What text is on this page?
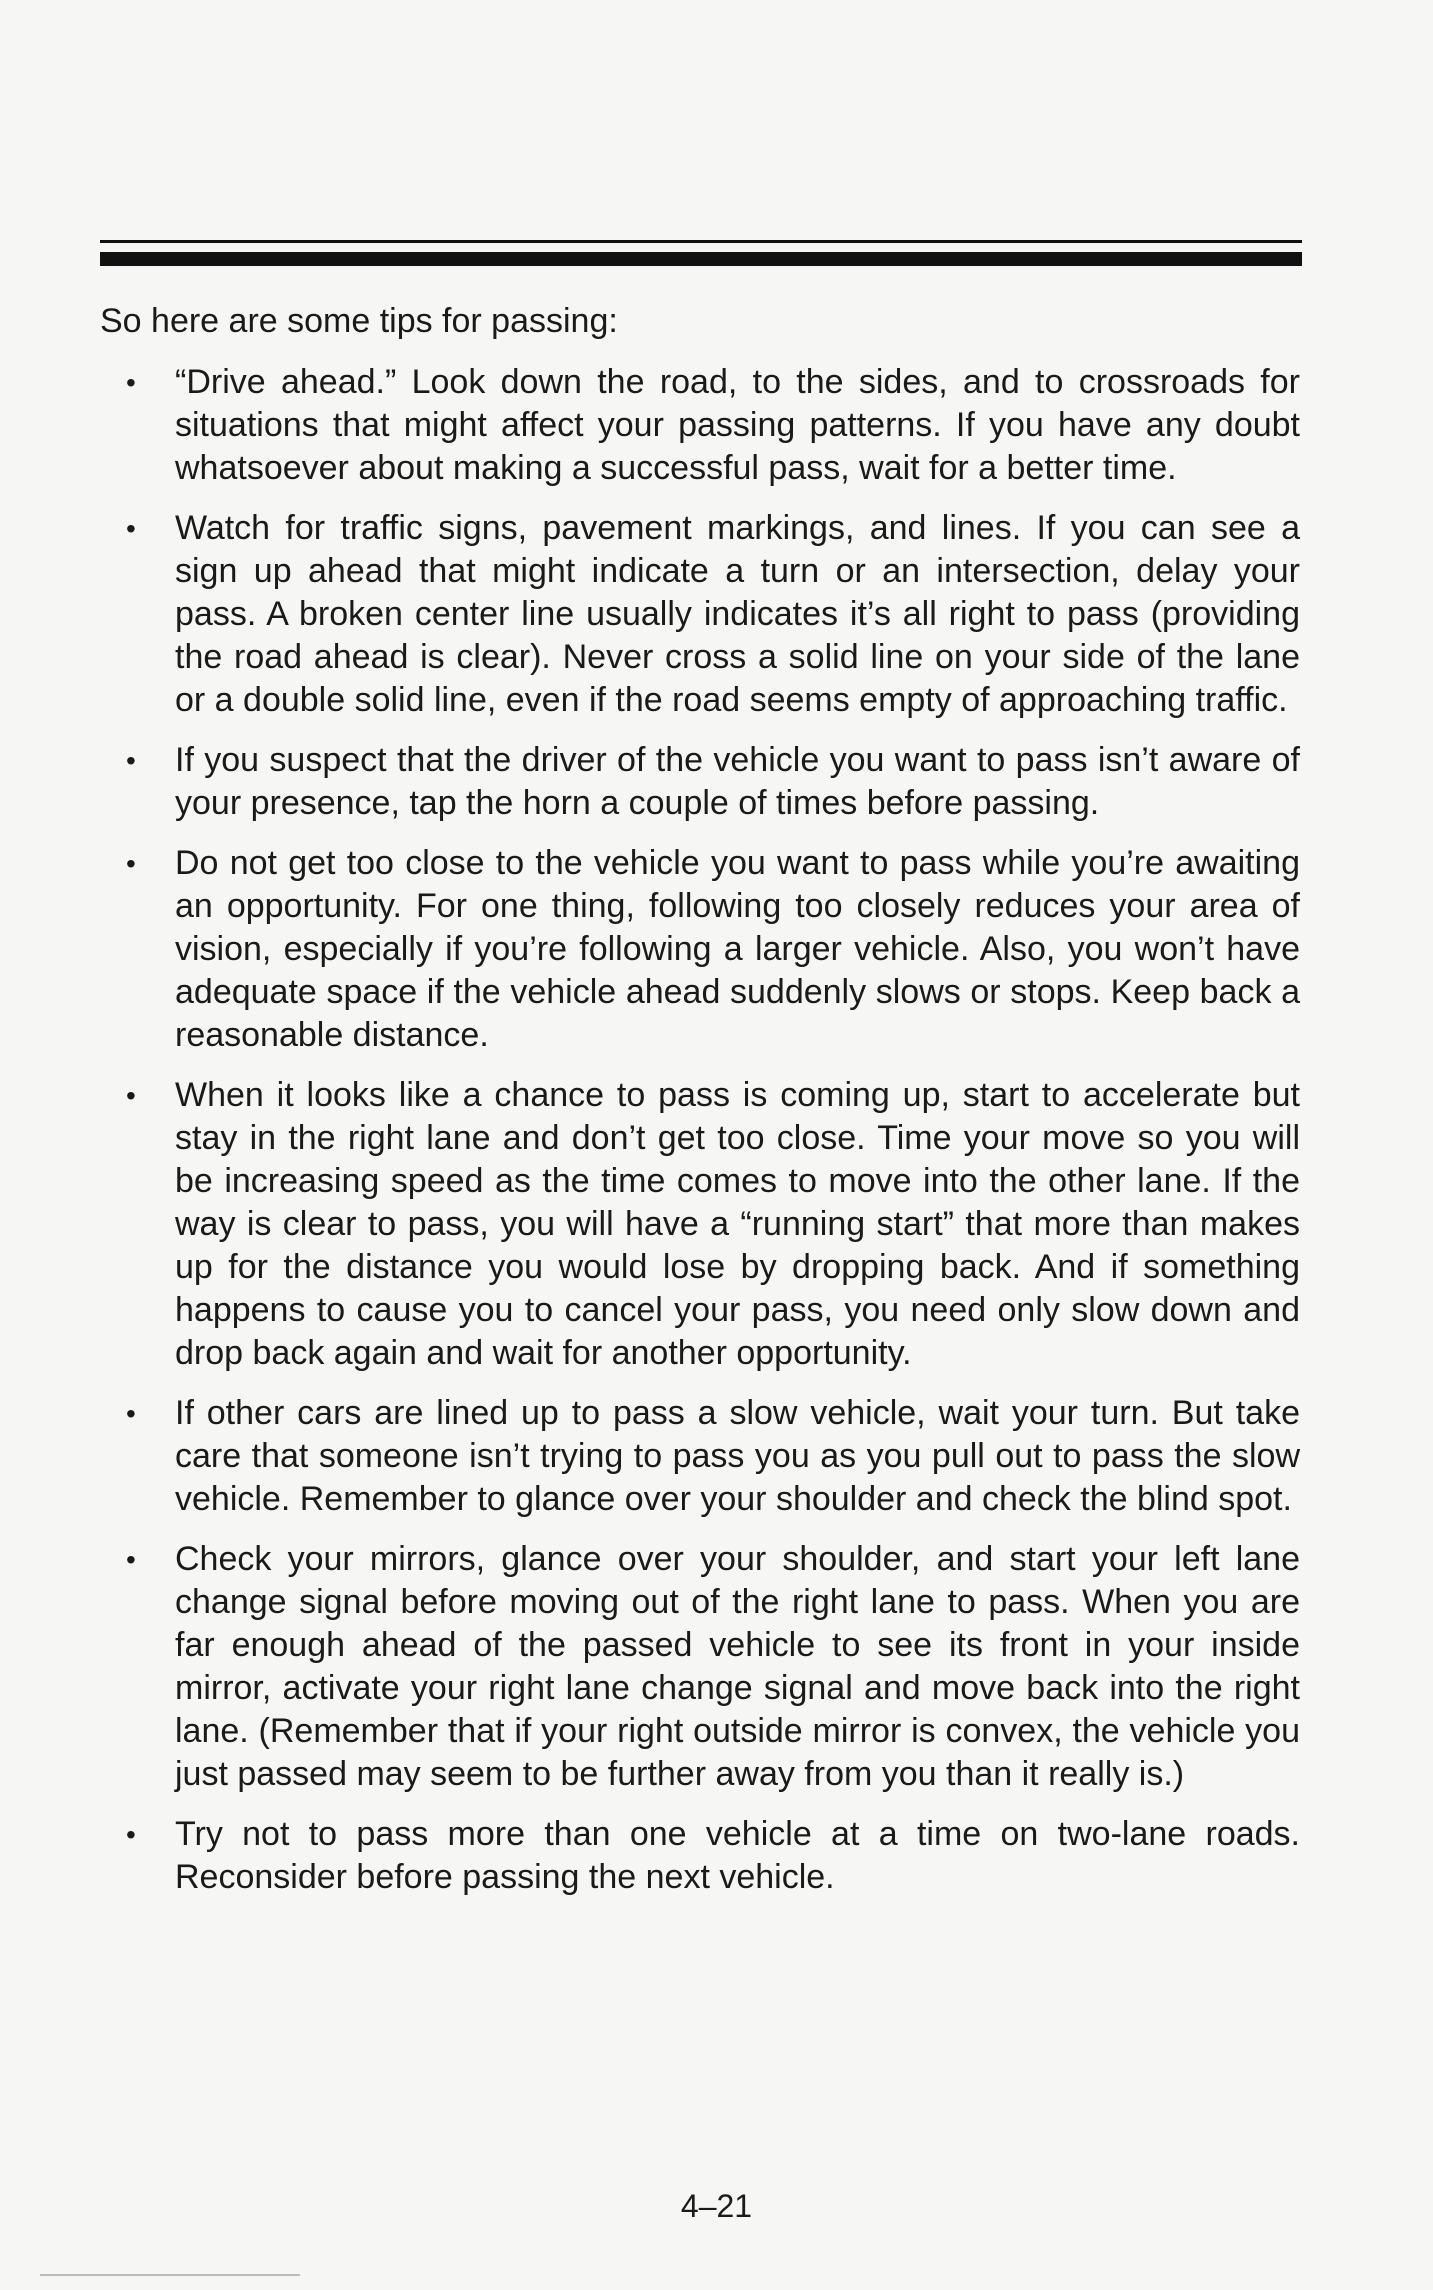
So here are some tips for passing:

• “Drive ahead.” Look down the road, to the sides, and to crossroads for situations that might affect your passing patterns. If you have any doubt whatsoever about making a successful pass, wait for a better time.
• Watch for traffic signs, pavement markings, and lines. If you can see a sign up ahead that might indicate a turn or an intersection, delay your pass. A broken center line usually indicates it’s all right to pass (providing the road ahead is clear). Never cross a solid line on your side of the lane or a double solid line, even if the road seems empty of approaching traffic.
• If you suspect that the driver of the vehicle you want to pass isn’t aware of your presence, tap the horn a couple of times before passing.
• Do not get too close to the vehicle you want to pass while you’re awaiting an opportunity. For one thing, following too closely reduces your area of vision, especially if you’re following a larger vehicle. Also, you won’t have adequate space if the vehicle ahead suddenly slows or stops. Keep back a reasonable distance.
• When it looks like a chance to pass is coming up, start to accelerate but stay in the right lane and don’t get too close. Time your move so you will be increasing speed as the time comes to move into the other lane. If the way is clear to pass, you will have a “running start” that more than makes up for the distance you would lose by dropping back. And if something happens to cause you to cancel your pass, you need only slow down and drop back again and wait for another opportunity.
• If other cars are lined up to pass a slow vehicle, wait your turn. But take care that someone isn’t trying to pass you as you pull out to pass the slow vehicle. Remember to glance over your shoulder and check the blind spot.
• Check your mirrors, glance over your shoulder, and start your left lane change signal before moving out of the right lane to pass. When you are far enough ahead of the passed vehicle to see its front in your inside mirror, activate your right lane change signal and move back into the right lane. (Remember that if your right outside mirror is convex, the vehicle you just passed may seem to be further away from you than it really is.)
• Try not to pass more than one vehicle at a time on two-lane roads. Reconsider before passing the next vehicle.
4–21
